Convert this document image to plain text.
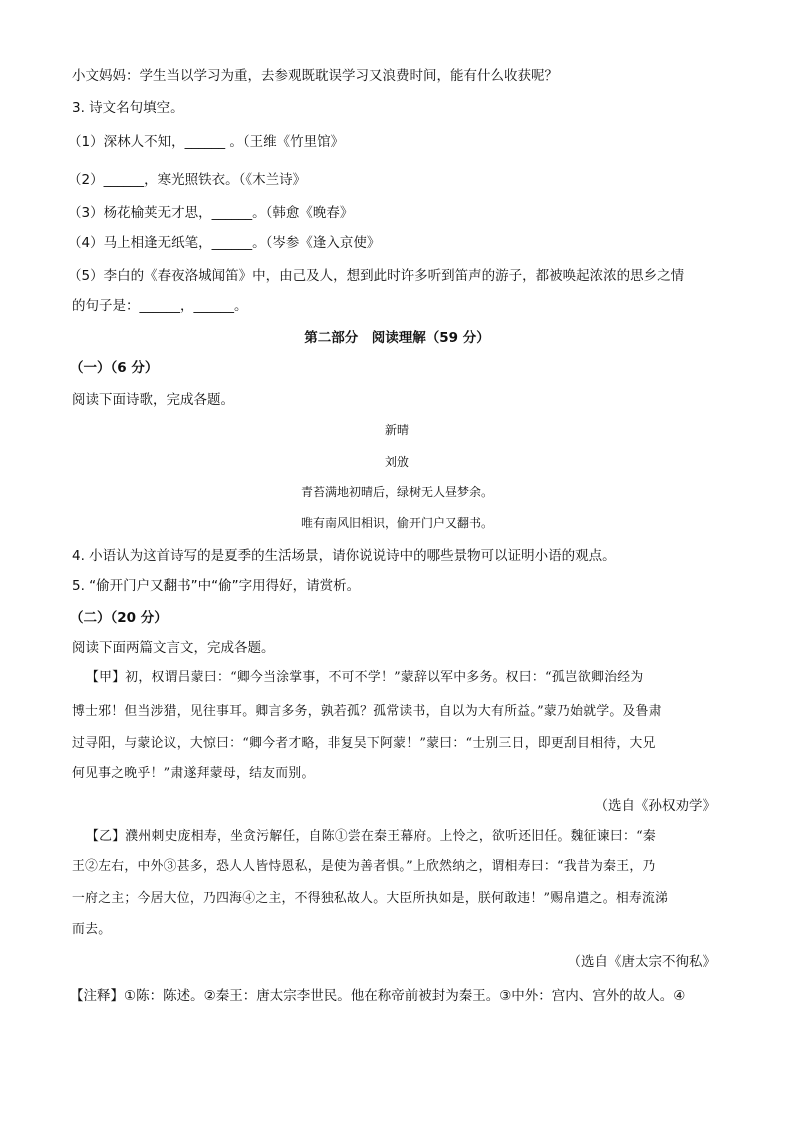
小文妈妈：学生当以学习为重，去参观既耽误学习又浪费时间，能有什么收获呢？
3. 诗文名句填空。
（1）深林人不知，______ 。（王维《竹里馆》
（2）______，寒光照铁衣。（《木兰诗》
（3）杨花榆荚无才思，______。（韩愈《晚春》
（4）马上相逢无纸笔，______。（岑参《逢入京使》
（5）李白的《春夜洛城闻笛》中，由己及人，想到此时许多听到笛声的游子，都被唤起浓浓的思乡之情
的句子是：______，______。
第二部分　阅读理解（59 分）
（一）（6 分）
阅读下面诗歌，完成各题。
新晴
刘攽
青苔满地初晴后，绿树无人昼梦余。
唯有南风旧相识，偷开门户又翻书。
4. 小语认为这首诗写的是夏季的生活场景，请你说说诗中的哪些景物可以证明小语的观点。
5. “偷开门户又翻书”中“偷”字用得好，请赏析。
（二）（20 分）
阅读下面两篇文言文，完成各题。
【甲】初，权谓吕蒙曰：“卿今当涂掌事，不可不学！”蒙辞以军中多务。权曰：“孤岂欲卿治经为
博士邪！但当涉猎，见往事耳。卿言多务，孰若孤？孤常读书，自以为大有所益。”蒙乃始就学。及鲁肃
过寻阳，与蒙论议，大惊曰：“卿今者才略，非复吴下阿蒙！”蒙曰：“士别三日，即更刮目相待，大兄
何见事之晚乎！”肃遂拜蒙母，结友而别。
（选自《孙权劝学》
【乙】濮州刺史庞相寿，坐贪污解任，自陈①尝在秦王幕府。上怜之，欲听还旧任。魏征谏曰：“秦
王②左右，中外③甚多，恐人人皆恃恩私，是使为善者惧。”上欣然纳之，谓相寿曰：“我昔为秦王，乃
一府之主；今居大位，乃四海④之主，不得独私故人。大臣所执如是，朕何敢违！”赐帛遣之。相寿流涕
而去。
（选自《唐太宗不徇私》
【注释】①陈：陈述。②秦王：唐太宗李世民。他在称帝前被封为秦王。③中外：宫内、宫外的故人。④
